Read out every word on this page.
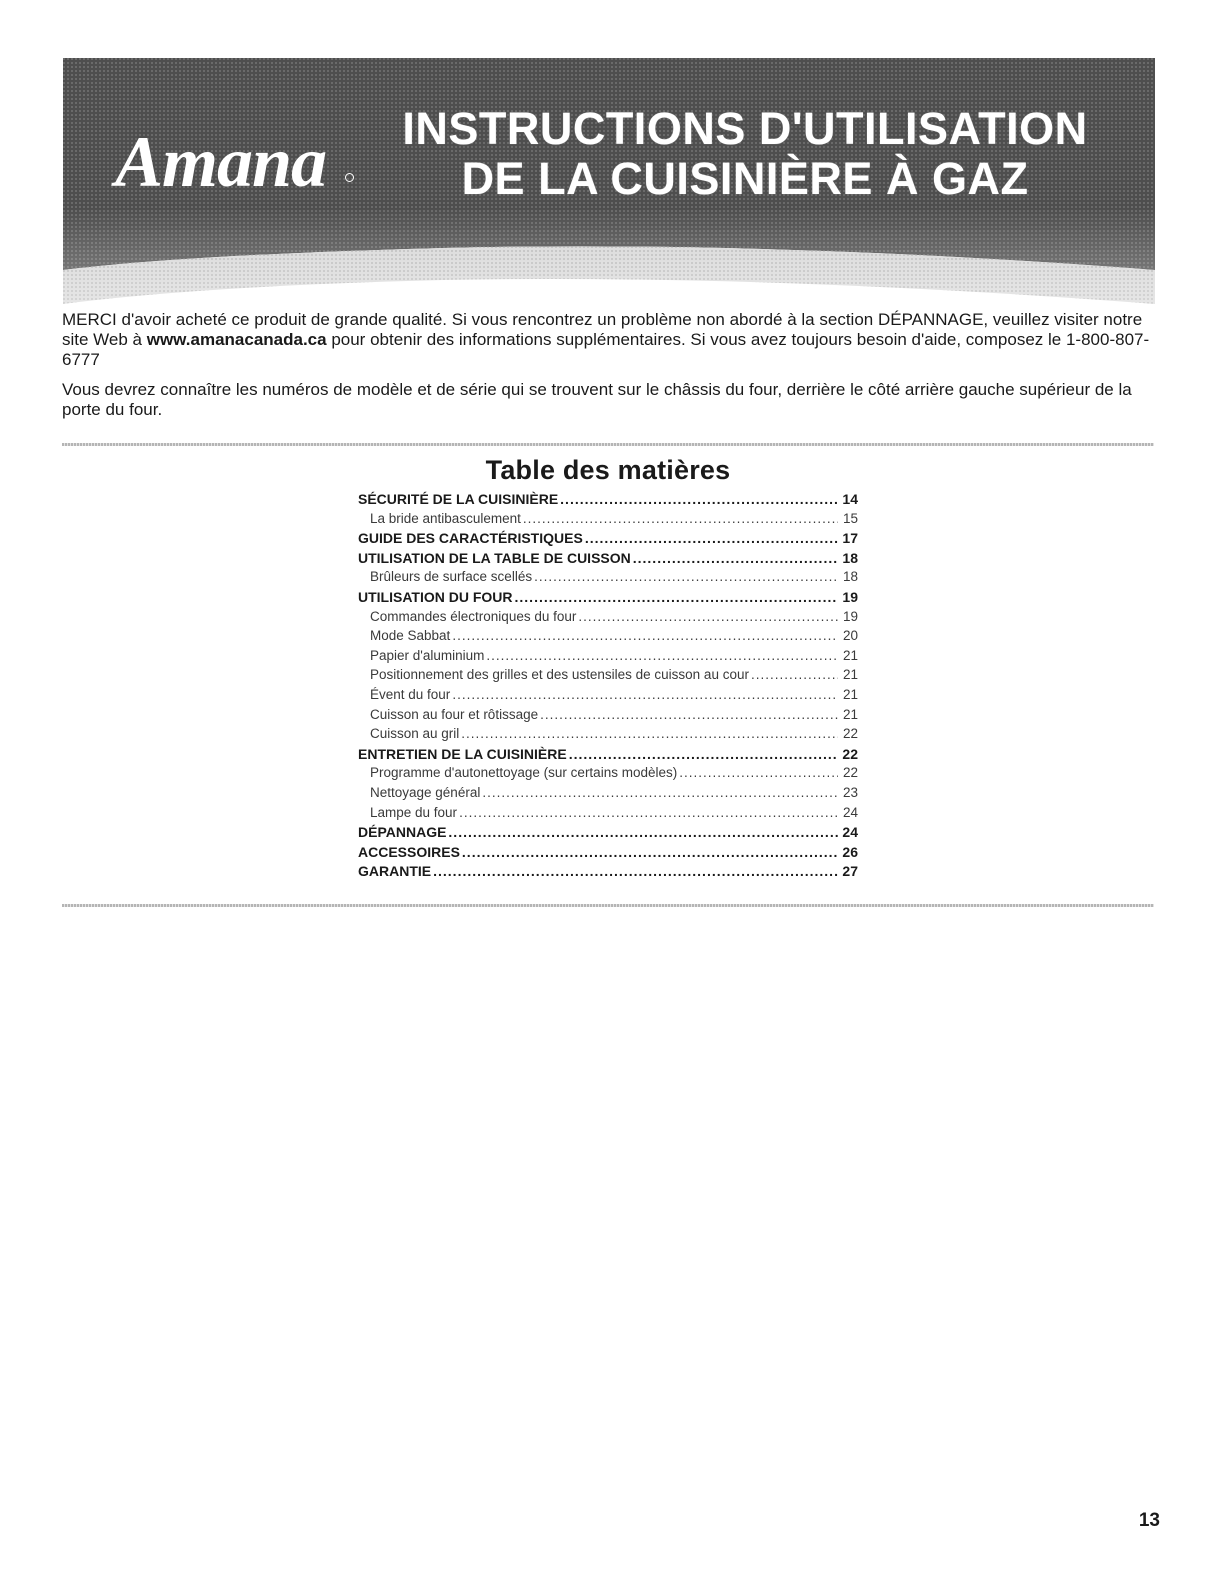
Amana INSTRUCTIONS D'UTILISATION
DE LA CUISINIÈRE À GAZ

MERCI d'avoir acheté ce produit de grande qualité. Si vous rencontrez un problème non abordé à la section DÉPANNAGE, veuillez visiter notre site Web à www.amanacanada.ca pour obtenir des informations supplémentaires. Si vous avez toujours besoin d'aide, composez le 1-800-807-6777

Vous devrez connaître les numéros de modèle et de série qui se trouvent sur le châssis du four, derrière le côté arrière gauche supérieur de la porte du four.

Table des matières
SÉCURITÉ DE LA CUISINIÈRE .....	14
La bride antibasculement .....	15
GUIDE DES CARACTÉRISTIQUES .....	17
UTILISATION DE LA TABLE DE CUISSON .....	18
Brûleurs de surface scellés .....	18
UTILISATION DU FOUR .....	19
Commandes électroniques du four .....	19
Mode Sabbat .....	20
Papier d'aluminium .....	21
Positionnement des grilles et des ustensiles de cuisson au cour .....	21
Évent du four .....	21
Cuisson au four et rôtissage .....	21
Cuisson au gril .....	22
ENTRETIEN DE LA CUISINIÈRE .....	22
Programme d'autonettoyage (sur certains modèles) .....	22
Nettoyage général .....	23
Lampe du four .....	24
DÉPANNAGE .....	24
ACCESSOIRES .....	26
GARANTIE .....	27
13
